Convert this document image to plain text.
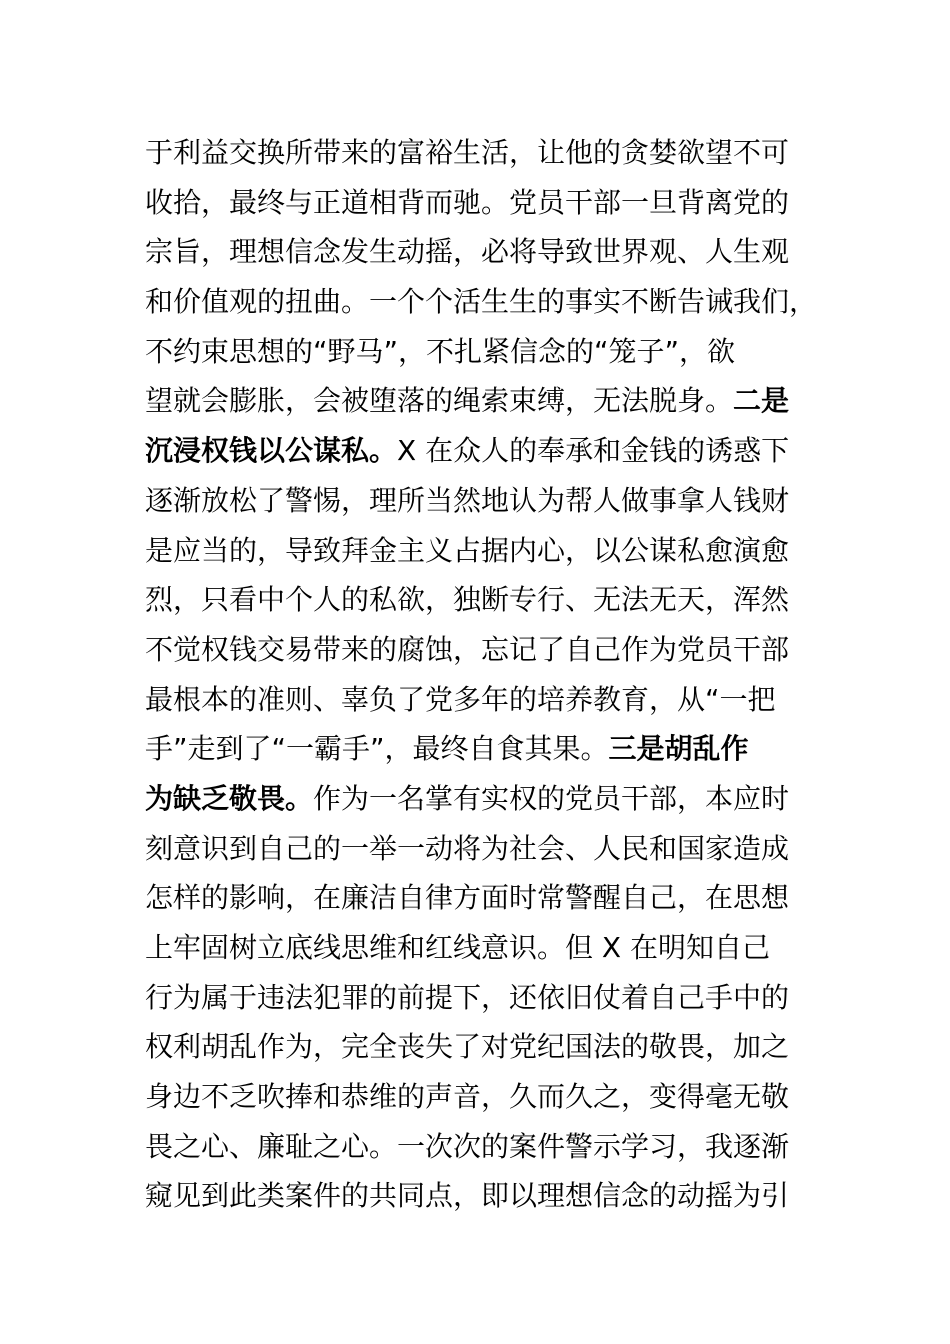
于利益交换所带来的富裕生活，让他的贪婪欲望不可
收拾，最终与正道相背而驰。党员干部一旦背离党的
宗旨，理想信念发生动摇，必将导致世界观、人生观
和价值观的扭曲。一个个活生生的事实不断告诫我们，
不约束思想的“野马”，不扎紧信念的“笼子”，欲
望就会膨胀，会被堕落的绳索束缚，无法脱身。二是
沉浸权钱以公谋私。X 在众人的奉承和金钱的诱惑下
逐渐放松了警惕，理所当然地认为帮人做事拿人钱财
是应当的，导致拜金主义占据内心，以公谋私愈演愈
烈，只看中个人的私欲，独断专行、无法无天，浑然
不觉权钱交易带来的腐蚀，忘记了自己作为党员干部
最根本的准则、辜负了党多年的培养教育，从“一把
手”走到了“一霸手”，最终自食其果。三是胡乱作
为缺乏敬畏。作为一名掌有实权的党员干部，本应时
刻意识到自己的一举一动将为社会、人民和国家造成
怎样的影响，在廉洁自律方面时常警醒自己，在思想
上牢固树立底线思维和红线意识。但 X 在明知自己
行为属于违法犯罪的前提下，还依旧仗着自己手中的
权利胡乱作为，完全丧失了对党纪国法的敬畏，加之
身边不乏吹捧和恭维的声音，久而久之，变得毫无敬
畏之心、廉耻之心。一次次的案件警示学习，我逐渐
窥见到此类案件的共同点，即以理想信念的动摇为引
